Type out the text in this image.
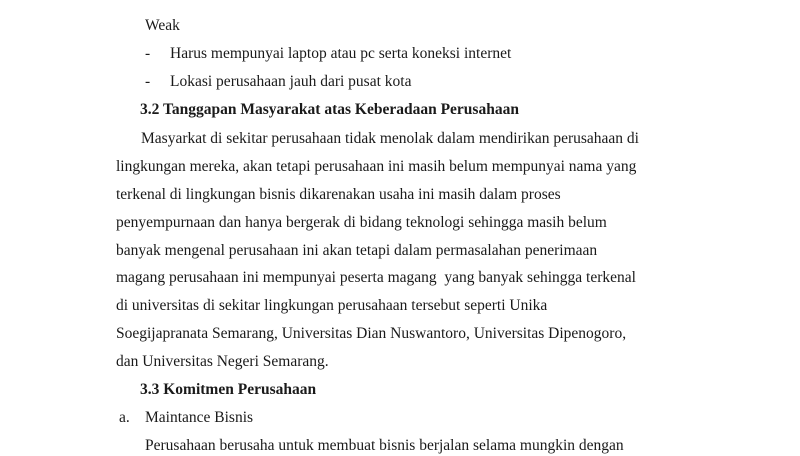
Weak
- Harus mempunyai laptop atau pc serta koneksi internet
- Lokasi perusahaan jauh dari pusat kota
3.2 Tanggapan Masyarakat atas Keberadaan Perusahaan
Masyarkat di sekitar perusahaan tidak menolak dalam mendirikan perusahaan di
lingkungan mereka, akan tetapi perusahaan ini masih belum mempunyai nama yang
terkenal di lingkungan bisnis dikarenakan usaha ini masih dalam proses
penyempurnaan dan hanya bergerak di bidang teknologi sehingga masih belum
banyak mengenal perusahaan ini akan tetapi dalam permasalahan penerimaan
magang perusahaan ini mempunyai peserta magang  yang banyak sehingga terkenal
di universitas di sekitar lingkungan perusahaan tersebut seperti Unika
Soegijapranata Semarang, Universitas Dian Nuswantoro, Universitas Dipenogoro,
dan Universitas Negeri Semarang.
3.3 Komitmen Perusahaan
a. Maintance Bisnis
Perusahaan berusaha untuk membuat bisnis berjalan selama mungkin dengan
